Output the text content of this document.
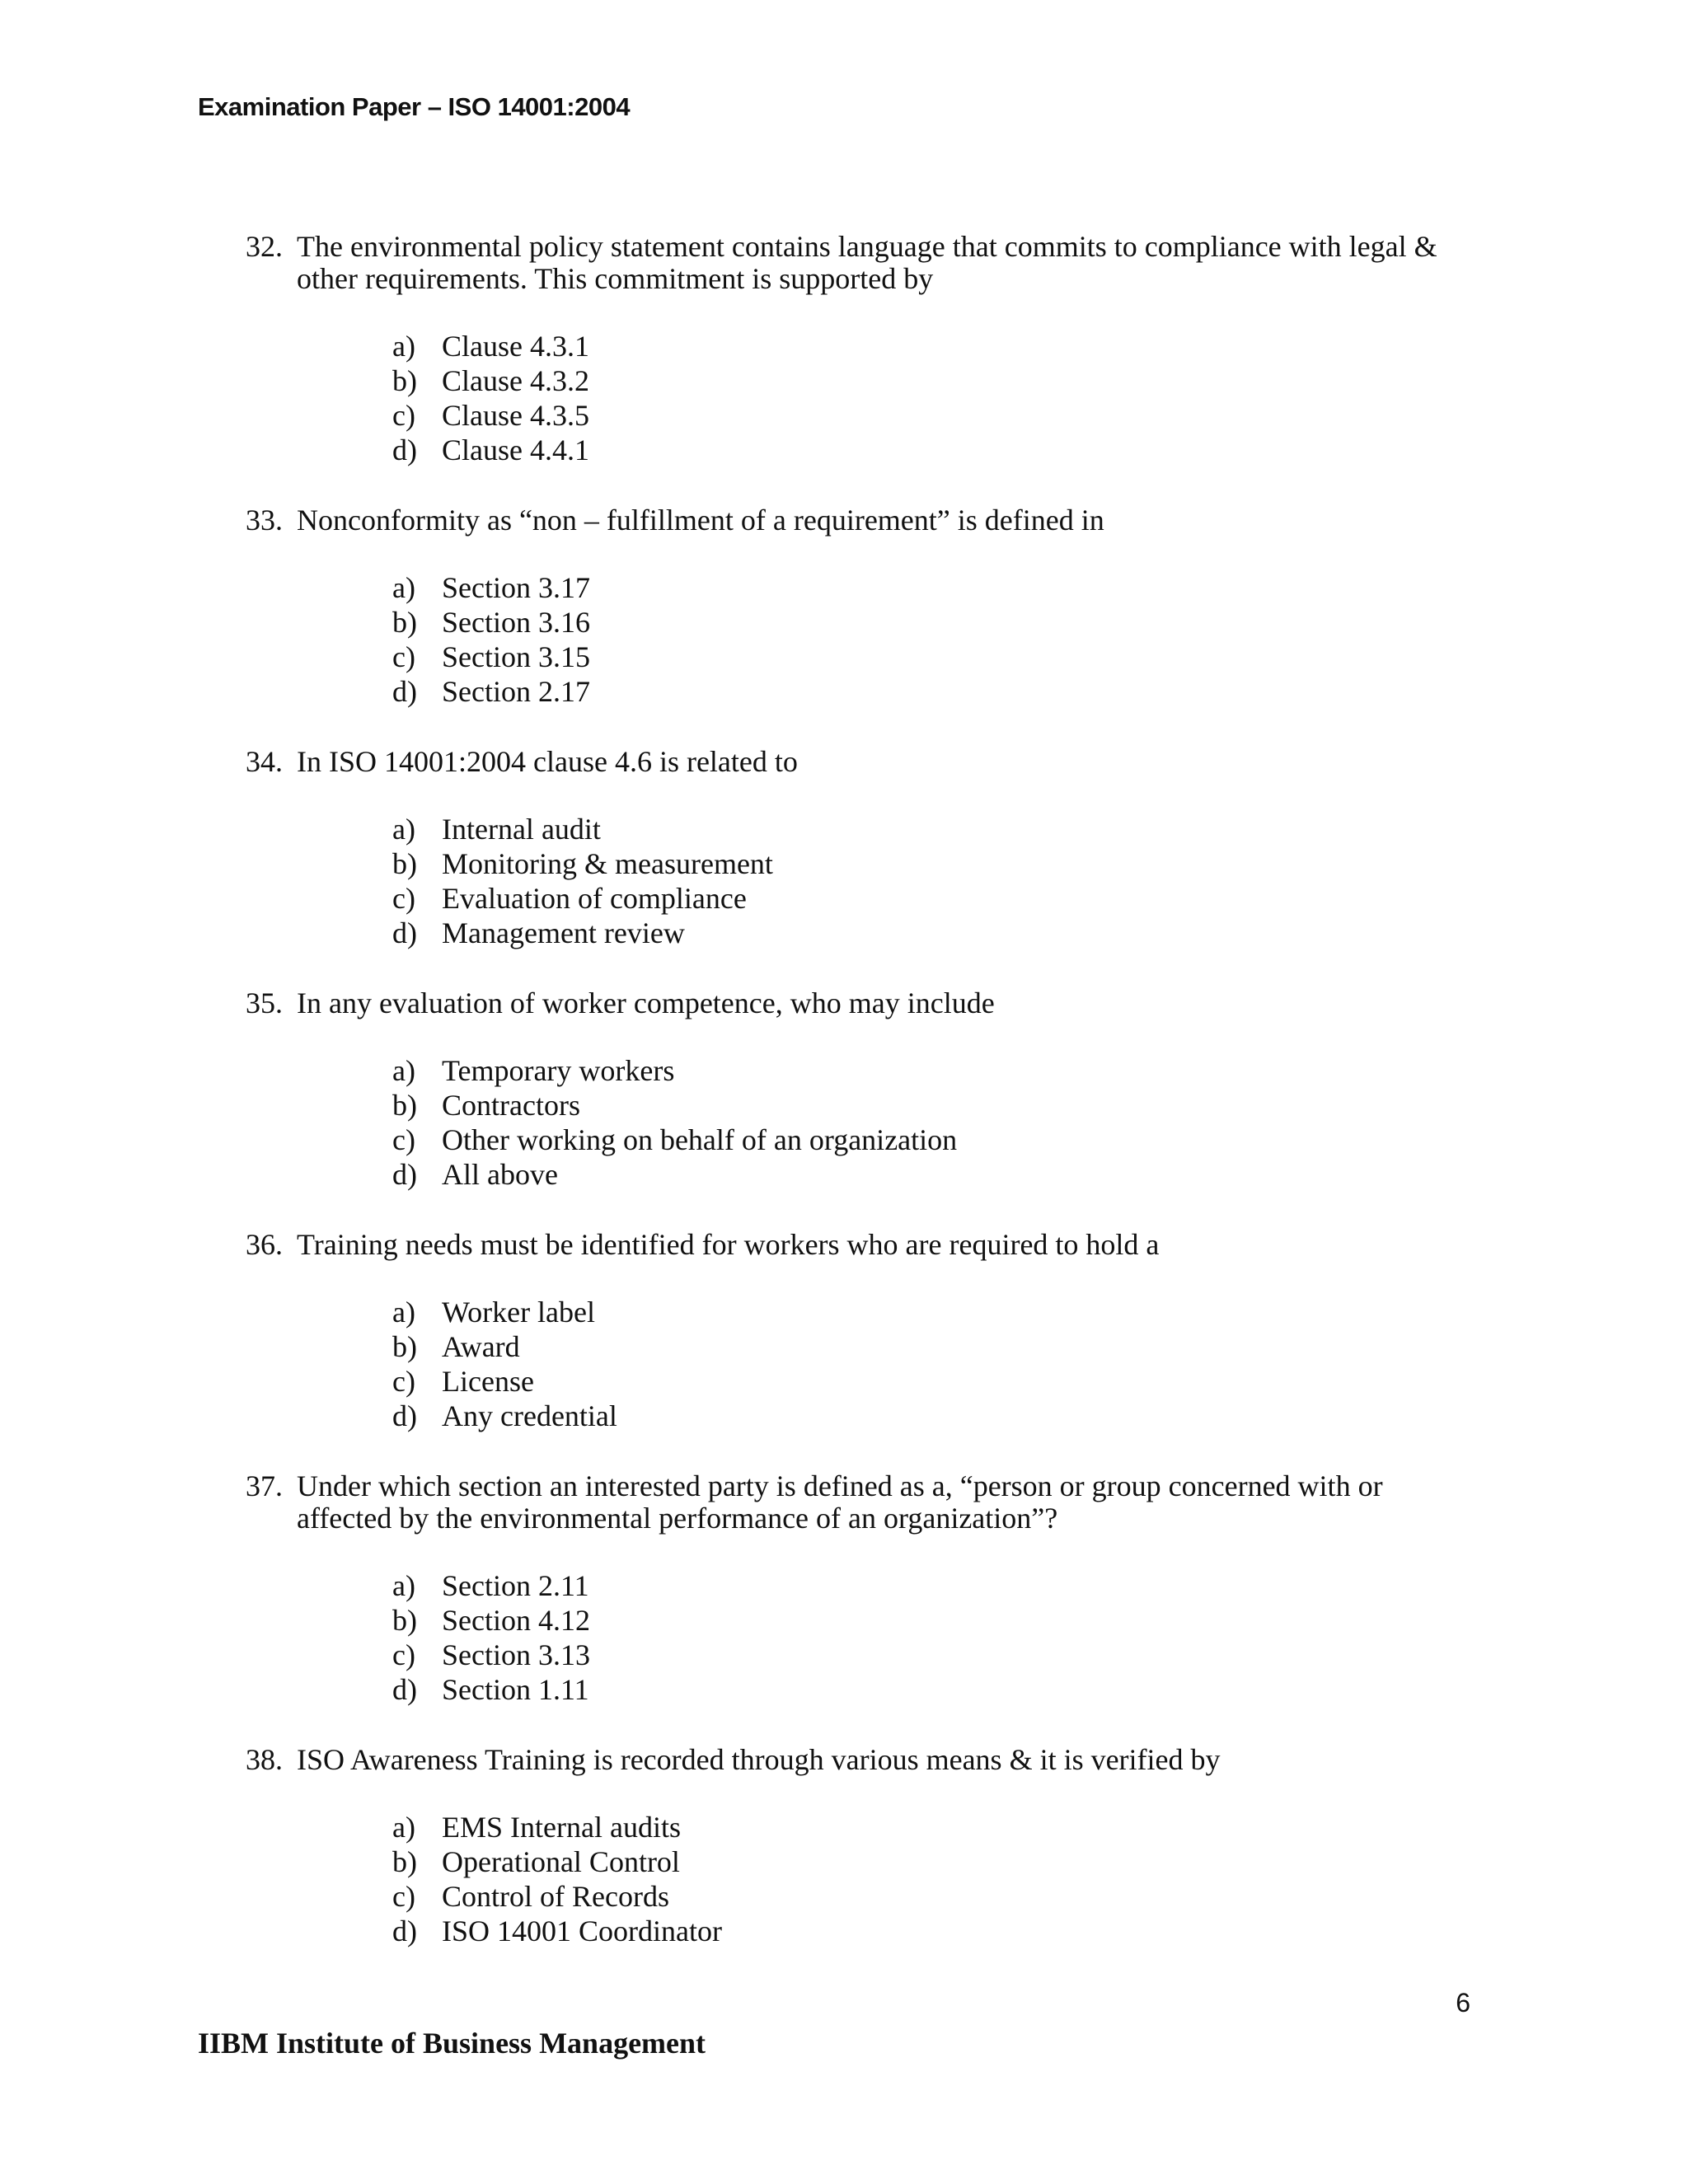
Examination Paper – ISO 14001:2004
32. The environmental policy statement contains language that commits to compliance with legal & other requirements. This commitment is supported by
a) Clause 4.3.1
b) Clause 4.3.2
c) Clause 4.3.5
d) Clause 4.4.1
33. Nonconformity as “non – fulfillment of a requirement” is defined in
a) Section 3.17
b) Section 3.16
c) Section 3.15
d) Section 2.17
34. In ISO 14001:2004 clause 4.6 is related to
a) Internal audit
b) Monitoring & measurement
c) Evaluation of compliance
d) Management review
35. In any evaluation of worker competence, who may include
a) Temporary workers
b) Contractors
c) Other working on behalf of an organization
d) All above
36. Training needs must be identified for workers who are required to hold a
a) Worker label
b) Award
c) License
d) Any credential
37. Under which section an interested party is defined as a, “person or group concerned with or affected by the environmental performance of an organization”?
a) Section 2.11
b) Section 4.12
c) Section 3.13
d) Section 1.11
38. ISO Awareness Training is recorded through various means & it is verified by
a) EMS Internal audits
b) Operational Control
c) Control of Records
d) ISO 14001 Coordinator
6
IIBM Institute of Business Management
